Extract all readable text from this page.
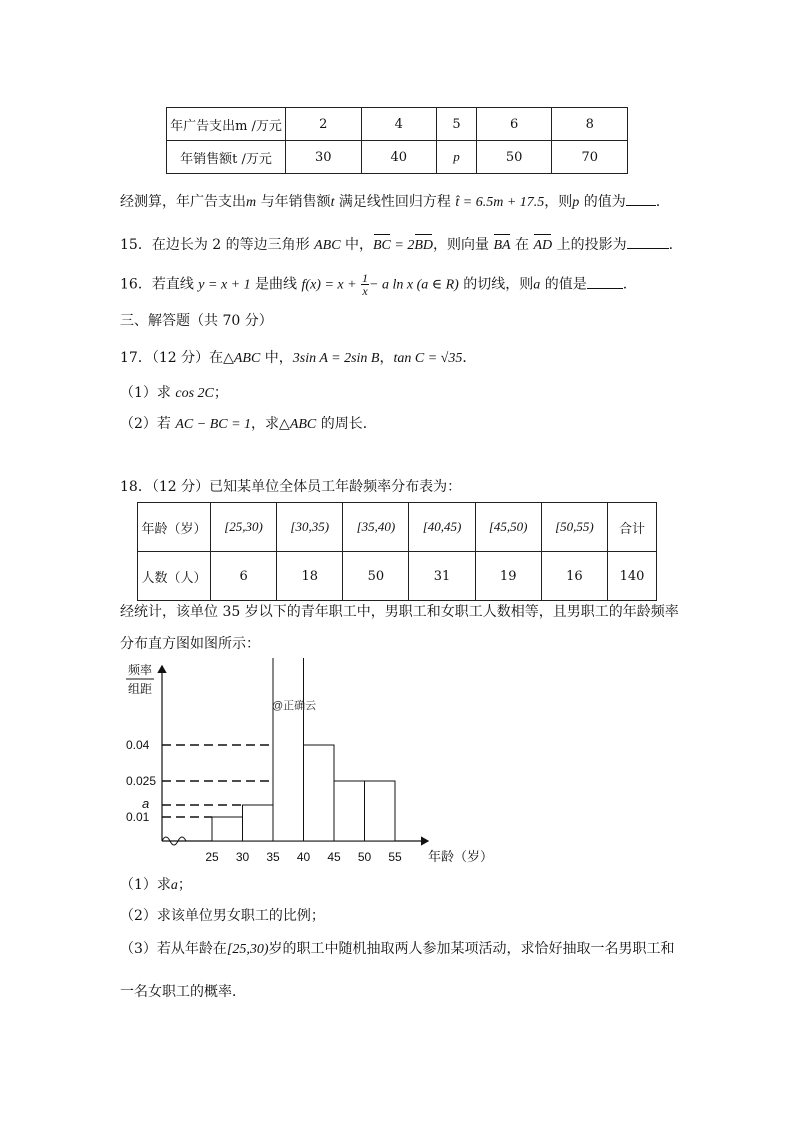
年广告支出m /万元	2	4	5	6	8
年销售额t /万元	30	40	p	50	70
经测算，年广告支出m 与年销售额t 满足线性回归方程 t̂ = 6.5m + 17.5，则p 的值为 .
15．在边长为 2 的等边三角形 ABC 中，BC = 2BD，则向量 BA 在 AD 上的投影为	.
16．若直线 y = x + 1 是曲线 $f(x) = x + \frac{1}{x} - a$ ln x (a ∈ R) 的切线，则a 的值是	.
三、解答题（共 70 分）
17．（12 分）在△ABC 中，3sin A = 2sin B，tan C = √35．
（1）求 cos 2C；
（2）若 AC − BC = 1，求△ABC 的周长．
18．（12 分）已知某单位全体员工年龄频率分布表为：
年龄（岁）	[25,30)	[30,35)	[35,40)	[40,45)	[45,50)	[50,55)	合计
人数（人）	6	18	50	31	19	16	140
经统计，该单位 35 岁以下的青年职工中，男职工和女职工人数相等，且男职工的年龄频率
分布直方图如图所示：
0.01
0.025
0.04
a
25 30 35 40 45 50 55
频率
组距
年龄（岁）
@正确云
（1）求a；
（2）求该单位男女职工的比例；
（3）若从年龄在[25,30)岁的职工中随机抽取两人参加某项活动，求恰好抽取一名男职工和
一名女职工的概率．
